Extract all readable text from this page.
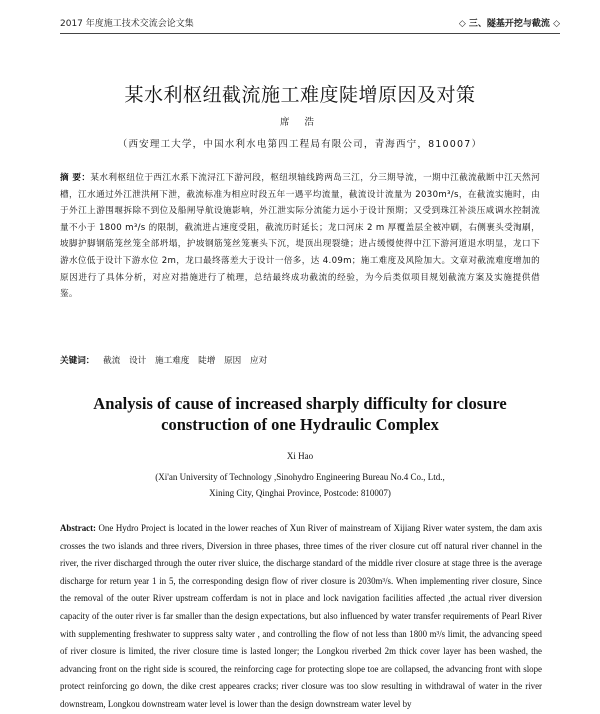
2017 年度施工技术交流会论文集	◇ 三、隧基开挖与截流 ◇
某水利枢纽截流施工难度陡增原因及对策
席 浩
（西安理工大学，中国水利水电第四工程局有限公司，青海西宁，810007）
摘 要：某水利枢纽位于西江水系下流浔江下游河段，枢纽坝轴线跨两岛三江，分三期导流，一期中江截流截断中江天然河槽，江水通过外江泄洪闸下泄，截流标准为相应时段五年一遇平均流量，截流设计流量为 2030m³/s，在截流实施时，由于外江上游围堰拆除不到位及船闸导航设施影响，外江泄实际分流能力远小于设计预期；又受到珠江补淡压咸调水控制流量不小于 1800 m³/s 的限制，截流进占速度受阻，截流历时延长；龙口河床 2 m 厚覆盖层全被冲刷，右侧裹头受淘刷，坡脚护脚钢筋笼丝笼全部坍塌，护坡钢筋笼丝笼裹头下沉，堤顶出现裂缝；进占缓慢使得中江下游河道退水明显，龙口下游水位低于设计下游水位 2m，龙口最终落差大于设计一倍多，达 4.09m；施工难度及风险加大。文章对截流难度增加的原因进行了具体分析，对应对措施进行了梳理，总结最终成功截流的经验，为今后类似项目规划截流方案及实施提供借鉴。
关键词： 截流 设计 施工难度 陡增 原因 应对
Analysis of cause of increased sharply difficulty for closure
construction of one Hydraulic Complex
Xi Hao
(Xi'an University of Technology ,Sinohydro Engineering Bureau No.4 Co., Ltd.,
Xining City, Qinghai Province, Postcode: 810007)
Abstract: One Hydro Project is located in the lower reaches of Xun River of mainstream of Xijiang River water system, the dam axis crosses the two islands and three rivers, Diversion in three phases, three times of the river closure cut off natural river channel in the river, the river discharged through the outer river sluice, the discharge standard of the middle river closure at stage three is the average discharge for return year 1 in 5, the corresponding design flow of river closure is 2030m³/s. When implementing river closure, Since the removal of the outer River upstream cofferdam is not in place and lock navigation facilities affected ,the actual river diversion capacity of the outer river is far smaller than the design expectations, but also influenced by water transfer requirements of Pearl River with supplementing freshwater to suppress salty water , and controlling the flow of not less than 1800 m³/s limit, the advancing speed of river closure is limited, the river closure time is lasted longer; the Longkou riverbed 2m thick cover layer has been washed, the advancing front on the right side is scoured, the reinforcing cage for protecting slope toe are collapsed, the advancing front with slope protect reinforcing go down, the dike crest appeares cracks; river closure was too slow resulting in withdrawal of water in the river downstream, Longkou downstream water level is lower than the design downstream water level by
